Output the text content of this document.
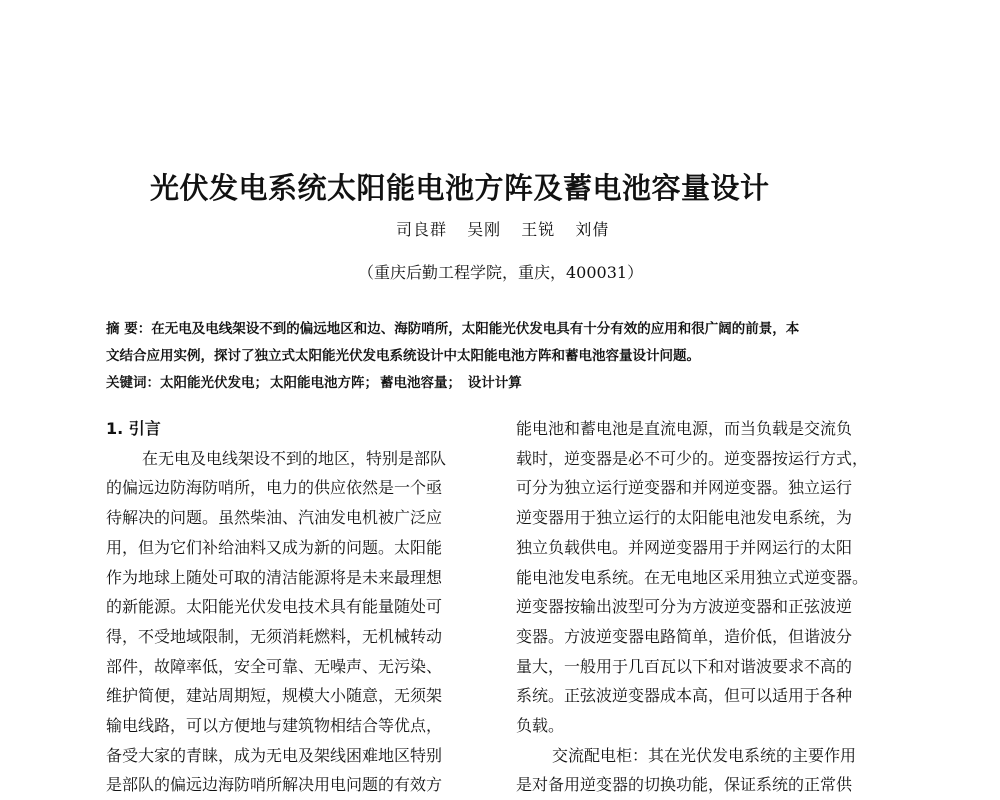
光伏发电系统太阳能电池方阵及蓄电池容量设计
司良群 吴刚 王锐 刘倩
（重庆后勤工程学院，重庆，400031）

摘 要：在无电及电线架设不到的偏远地区和边、海防哨所，太阳能光伏发电具有十分有效的应用和很广阔的前景，本

文结合应用实例，探讨了独立式太阳能光伏发电系统设计中太阳能电池方阵和蓄电池容量设计问题。

关键词：太阳能光伏发电； 太阳能电池方阵； 蓄电池容量； 设计计算

1. 引言

在无电及电线架设不到的地区，特别是部队

的偏远边防海防哨所，电力的供应依然是一个亟

待解决的问题。虽然柴油、汽油发电机被广泛应

用，但为它们补给油料又成为新的问题。太阳能

作为地球上随处可取的清洁能源将是未来最理想

的新能源。太阳能光伏发电技术具有能量随处可

得，不受地域限制，无须消耗燃料，无机械转动

部件，故障率低，安全可靠、无噪声、无污染、

维护简便，建站周期短，规模大小随意，无须架

输电线路，可以方便地与建筑物相结合等优点，

备受大家的青睐，成为无电及架线困难地区特别

是部队的偏远边海防哨所解决用电问题的有效方

能电池和蓄电池是直流电源，而当负载是交流负

载时，逆变器是必不可少的。逆变器按运行方式，

可分为独立运行逆变器和并网逆变器。独立运行

逆变器用于独立运行的太阳能电池发电系统，为

独立负载供电。并网逆变器用于并网运行的太阳

能电池发电系统。在无电地区采用独立式逆变器。

逆变器按输出波型可分为方波逆变器和正弦波逆

变器。方波逆变器电路简单，造价低，但谐波分

量大，一般用于几百瓦以下和对谐波要求不高的

系统。正弦波逆变器成本高，但可以适用于各种

负载。

交流配电柜：其在光伏发电系统的主要作用

是对备用逆变器的切换功能，保证系统的正常供
